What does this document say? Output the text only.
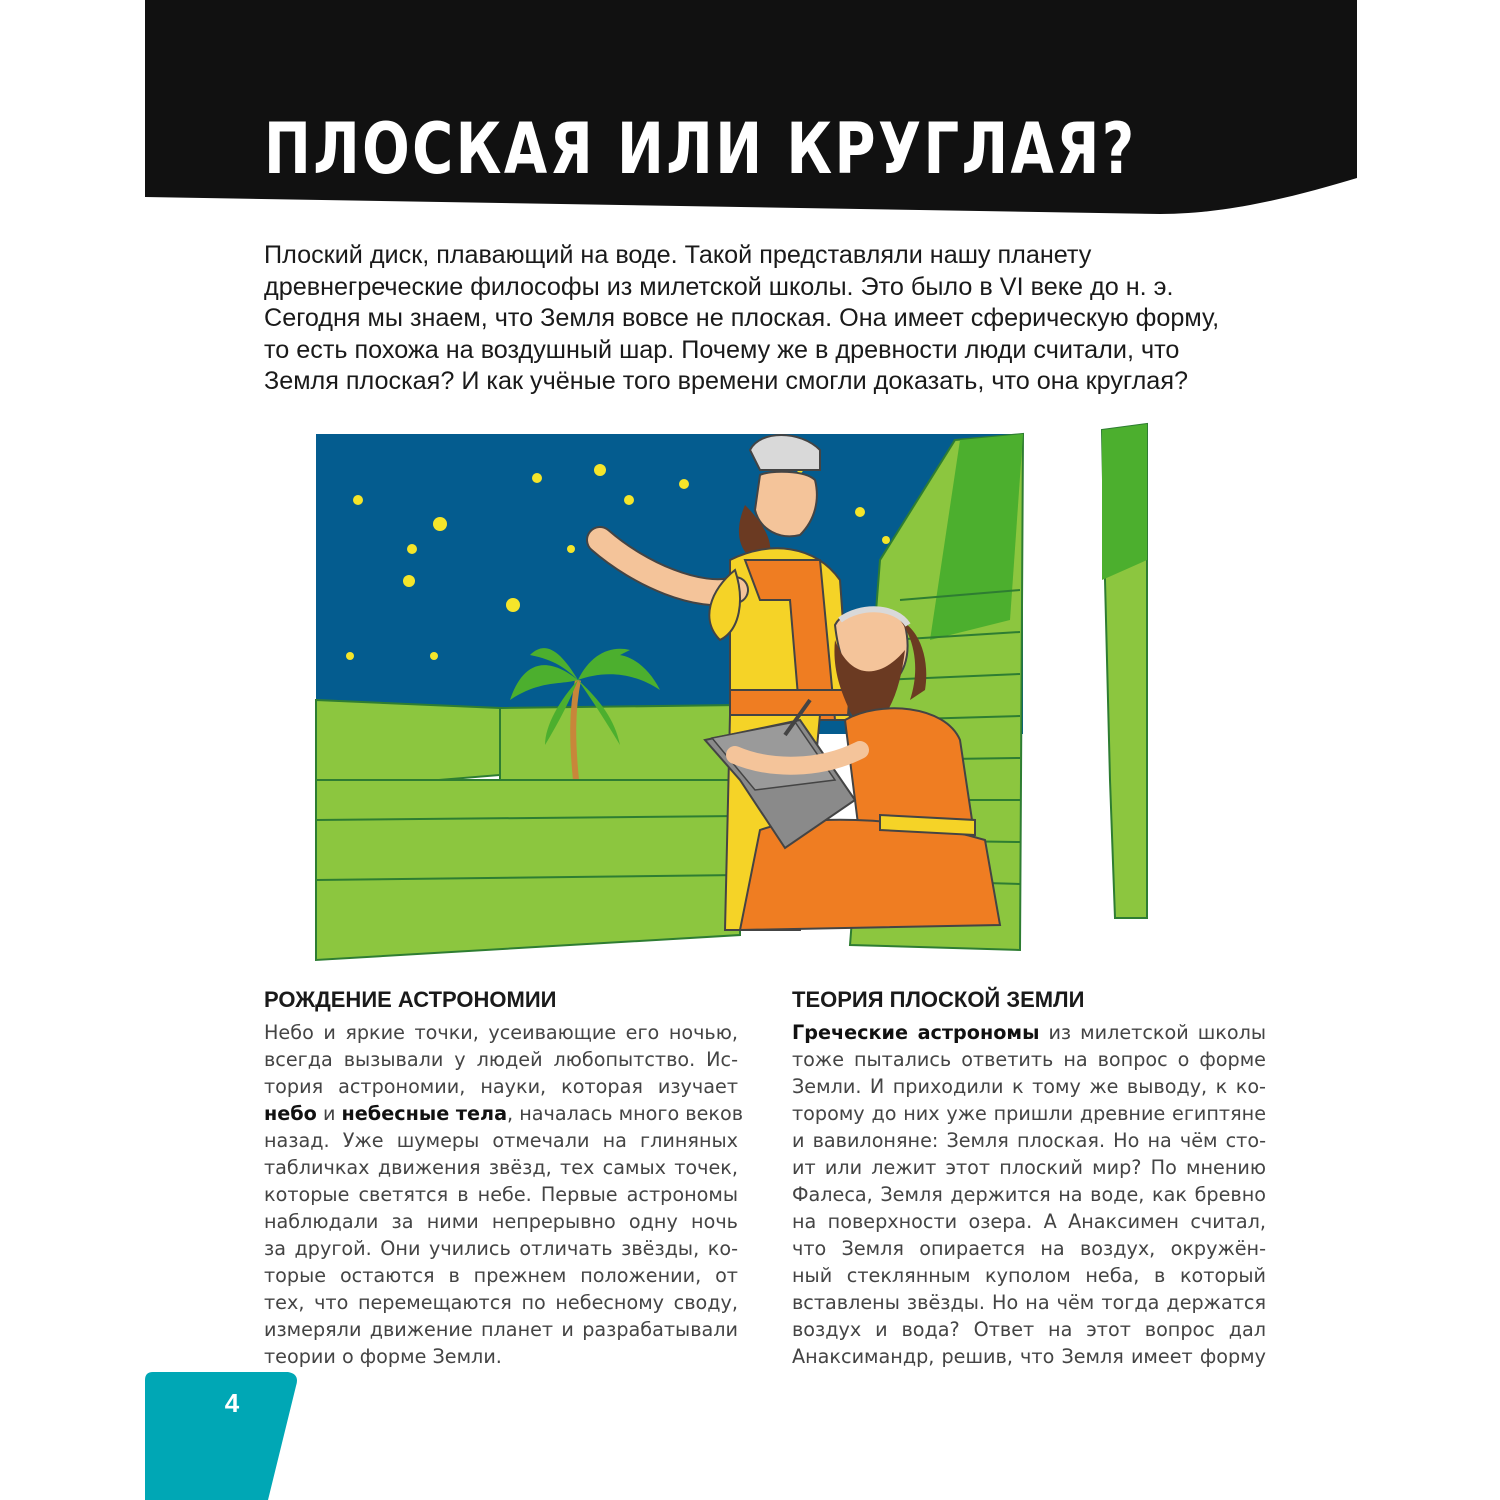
ПЛОСКАЯ ИЛИ КРУГЛАЯ?

Плоский диск, плавающий на воде. Такой представляли нашу планету
древнегреческие философы из милетской школы. Это было в VI веке до н. э.
Сегодня мы знаем, что Земля вовсе не плоская. Она имеет сферическую форму,
то есть похожа на воздушный шар. Почему же в древности люди считали, что
Земля плоская? И как учёные того времени смогли доказать, что она круглая?

РОЖДЕНИЕ АСТРОНОМИИ
Небо и яркие точки, усеивающие его ночью,
всегда вызывали у людей любопытство. Ис-
тория астрономии, науки, которая изучает
небо и небесные тела, началась много веков
назад. Уже шумеры отмечали на глиняных
табличках движения звёзд, тех самых точек,
которые светятся в небе. Первые астрономы
наблюдали за ними непрерывно одну ночь
за другой. Они учились отличать звёзды, ко-
торые остаются в прежнем положении, от
тех, что перемещаются по небесному своду,
измеряли движение планет и разрабатывали
теории о форме Земли.
ТЕОРИЯ ПЛОСКОЙ ЗЕМЛИ
Греческие астрономы из милетской школы
тоже пытались ответить на вопрос о форме
Земли. И приходили к тому же выводу, к ко-
торому до них уже пришли древние египтяне
и вавилоняне: Земля плоская. Но на чём сто-
ит или лежит этот плоский мир? По мнению
Фалеса, Земля держится на воде, как бревно
на поверхности озера. А Анаксимен считал,
что Земля опирается на воздух, окружён-
ный стеклянным куполом неба, в который
вставлены звёзды. Но на чём тогда держатся
воздух и вода? Ответ на этот вопрос дал
Анаксимандр, решив, что Земля имеет форму
4
